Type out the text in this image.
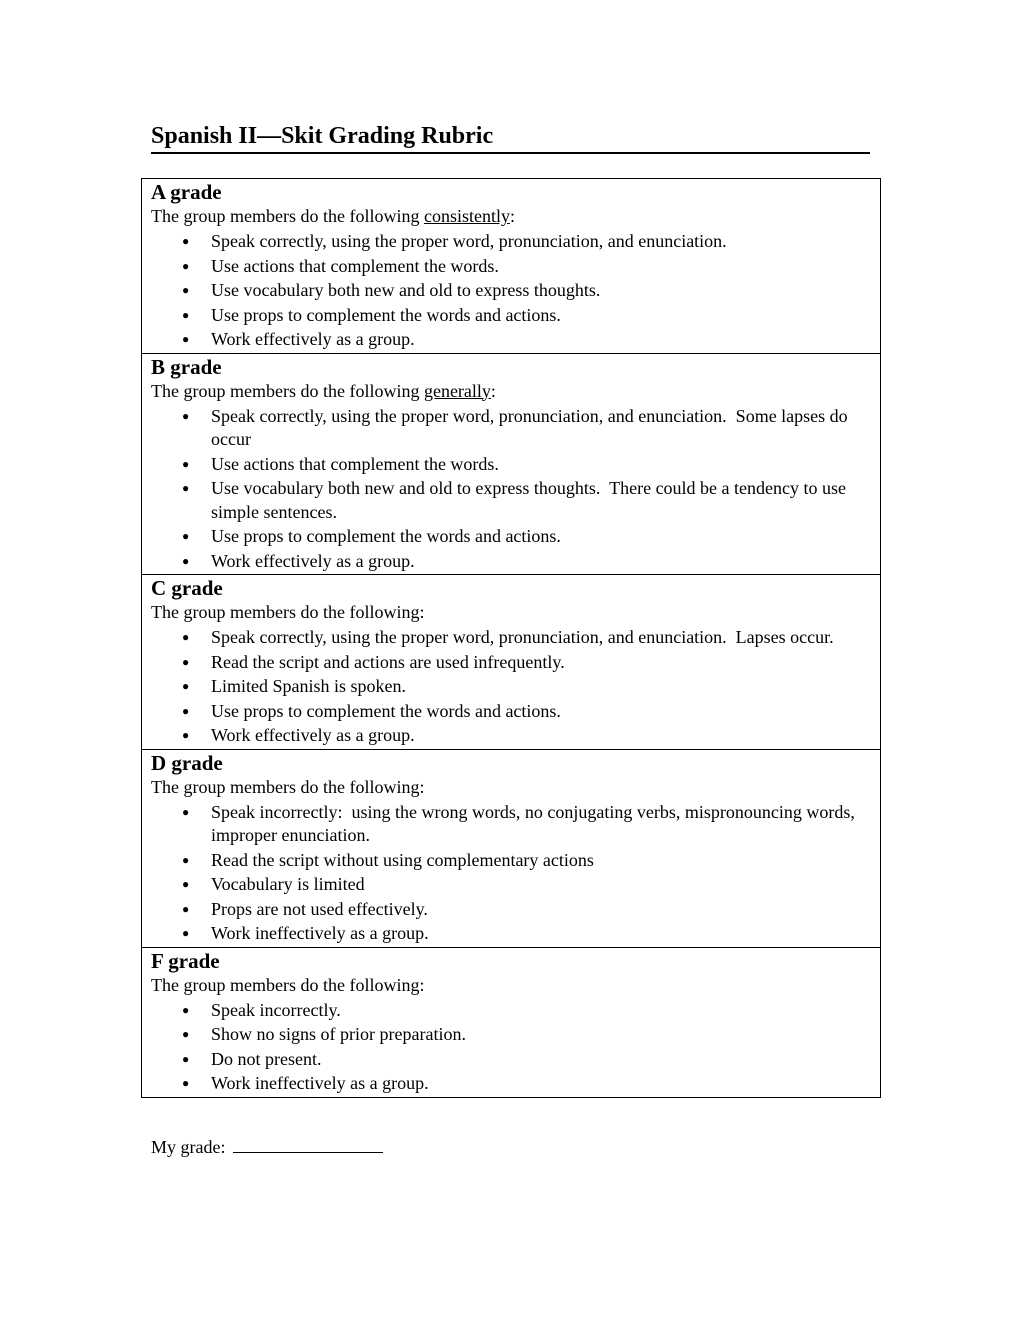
Spanish II—Skit Grading Rubric
A grade
The group members do the following consistently:
● Speak correctly, using the proper word, pronunciation, and enunciation.
● Use actions that complement the words.
● Use vocabulary both new and old to express thoughts.
● Use props to complement the words and actions.
● Work effectively as a group.

B grade
The group members do the following generally:
● Speak correctly, using the proper word, pronunciation, and enunciation.  Some lapses do occur
● Use actions that complement the words.
● Use vocabulary both new and old to express thoughts.  There could be a tendency to use simple sentences.
● Use props to complement the words and actions.
● Work effectively as a group.

C grade
The group members do the following:
● Speak correctly, using the proper word, pronunciation, and enunciation.  Lapses occur.
● Read the script and actions are used infrequently.
● Limited Spanish is spoken.
● Use props to complement the words and actions.
● Work effectively as a group.

D grade
The group members do the following:
● Speak incorrectly:  using the wrong words, no conjugating verbs, mispronouncing words, improper enunciation.
● Read the script without using complementary actions
● Vocabulary is limited
● Props are not used effectively.
● Work ineffectively as a group.

F grade
The group members do the following:
● Speak incorrectly.
● Show no signs of prior preparation.
● Do not present.
● Work ineffectively as a group.
My grade:
